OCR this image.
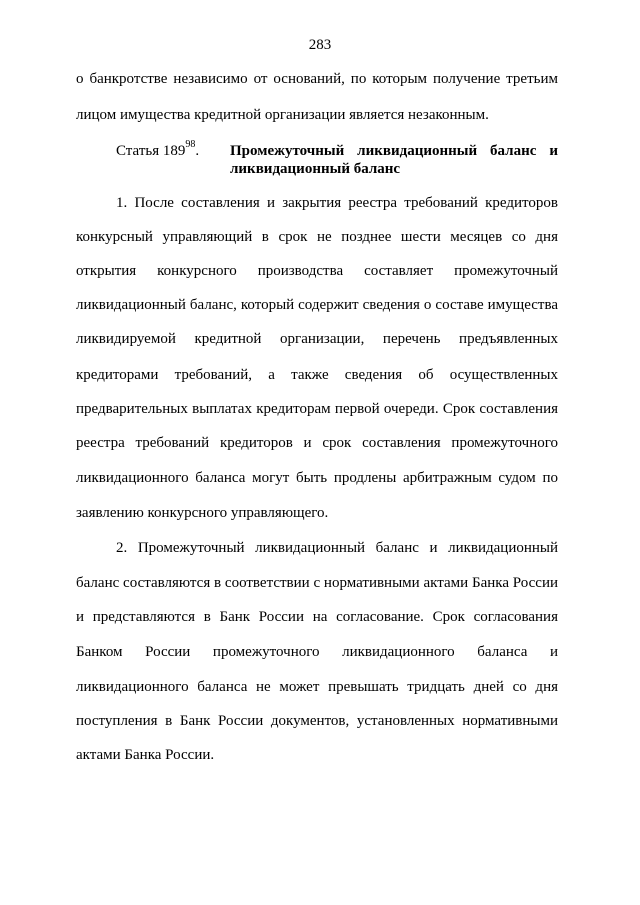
283
о банкротстве независимо от оснований, по которым получение третьим
лицом имущества кредитной организации является незаконным.
Статья $189^{98}$. Промежуточный ликвидационный баланс и
ликвидационный баланс
1. После составления и закрытия реестра требований кредиторов
конкурсный управляющий в срок не позднее шести месяцев со дня
открытия конкурсного производства составляет промежуточный
ликвидационный баланс, который содержит сведения о составе имущества
ликвидируемой кредитной организации, перечень предъявленных
кредиторами требований, а также сведения об осуществленных
предварительных выплатах кредиторам первой очереди. Срок составления
реестра требований кредиторов и срок составления промежуточного
ликвидационного баланса могут быть продлены арбитражным судом по
заявлению конкурсного управляющего.
2. Промежуточный ликвидационный баланс и ликвидационный
баланс составляются в соответствии с нормативными актами Банка России
и представляются в Банк России на согласование. Срок согласования
Банком России промежуточного ликвидационного баланса и
ликвидационного баланса не может превышать тридцать дней со дня
поступления в Банк России документов, установленных нормативными
актами Банка России.
